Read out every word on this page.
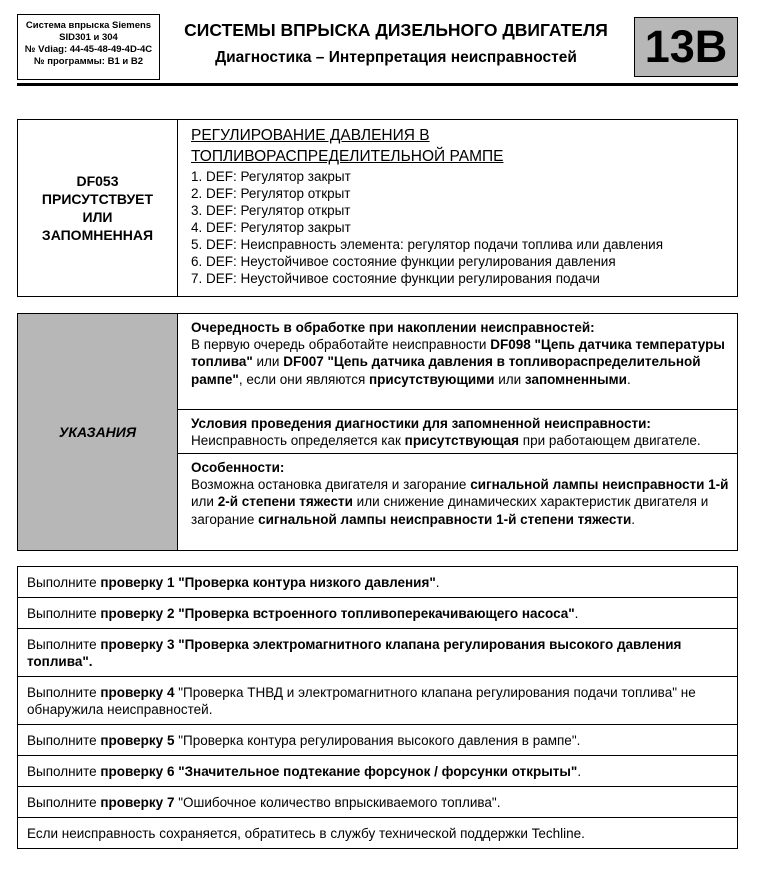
Система впрыска Siemens
SID301 и 304
№ Vdiag: 44-45-48-49-4D-4C
№ программы: B1 и B2
СИСТЕМЫ ВПРЫСКА ДИЗЕЛЬНОГО ДВИГАТЕЛЯ
Диагностика – Интерпретация неисправностей	13B
DF053
ПРИСУТСТВУЕТ
ИЛИ
ЗАПОМНЕННАЯ
РЕГУЛИРОВАНИЕ ДАВЛЕНИЯ В
ТОПЛИВОРАСПРЕДЕЛИТЕЛЬНОЙ РАМПЕ
1. DEF: Регулятор закрыт
2. DEF: Регулятор открыт
3. DEF: Регулятор открыт
4. DEF: Регулятор закрыт
5. DEF: Неисправность элемента: регулятор подачи топлива или давления
6. DEF: Неустойчивое состояние функции регулирования давления
7. DEF: Неустойчивое состояние функции регулирования подачи
УКАЗАНИЯ
Очередность в обработке при накоплении неисправностей:
В первую очередь обработайте неисправности DF098 "Цепь датчика температуры топлива" или DF007 "Цепь датчика давления в топливораспределительной рампе", если они являются присутствующими или запомненными.
Условия проведения диагностики для запомненной неисправности:
Неисправность определяется как присутствующая при работающем двигателе.
Особенности:
Возможна остановка двигателя и загорание сигнальной лампы неисправности 1-й или 2-й степени тяжести или снижение динамических характеристик двигателя и загорание сигнальной лампы неисправности 1-й степени тяжести.
Выполните проверку 1 "Проверка контура низкого давления".
Выполните проверку 2 "Проверка встроенного топливоперекачивающего насоса".
Выполните проверку 3 "Проверка электромагнитного клапана регулирования высокого давления топлива".
Выполните проверку 4 "Проверка ТНВД и электромагнитного клапана регулирования подачи топлива" не обнаружила неисправностей.
Выполните проверку 5 "Проверка контура регулирования высокого давления в рампе".
Выполните проверку 6 "Значительное подтекание форсунок / форсунки открыты".
Выполните проверку 7 "Ошибочное количество впрыскиваемого топлива".
Если неисправность сохраняется, обратитесь в службу технической поддержки Techline.
